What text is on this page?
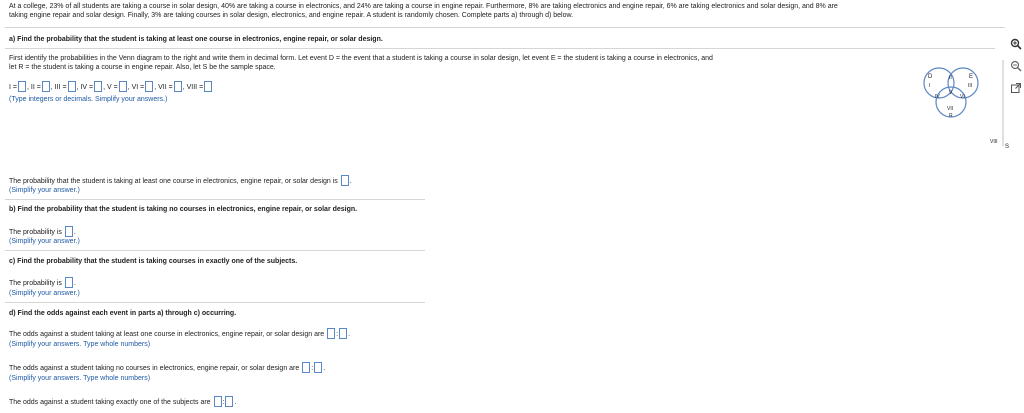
At a college, 23% of all students are taking a course in solar design, 40% are taking a course in electronics, and 24% are taking a course in engine repair. Furthermore, 8% are taking electronics and engine repair, 6% are taking electronics and solar design, and 8% are
taking engine repair and solar design. Finally, 3% are taking courses in solar design, electronics, and engine repair. A student is randomly chosen. Complete parts a) through d) below.
a) Find the probability that the student is taking at least one course in electronics, engine repair, or solar design.
First identify the probabilities in the Venn diagram to the right and write them in decimal form. Let event D = the event that a student is taking a course in solar design, let event E = the student is taking a course in electronics, and
let R = the student is taking a course in engine repair. Also, let S be the sample space.
I = , II = , III = , IV = , V = , VI = , VII = , VIII =
(Type integers or decimals. Simplify your answers.)
D	E
I
II
III
IV
V
VI
VII
R
VIII
S
The probability that the student is taking at least one course in electronics, engine repair, or solar design is .
(Simplify your answer.)
b) Find the probability that the student is taking no courses in electronics, engine repair, or solar design.
The probability is .
(Simplify your answer.)
c) Find the probability that the student is taking courses in exactly one of the subjects.
The probability is .
(Simplify your answer.)
d) Find the odds against each event in parts a) through c) occurring.
The odds against a student taking at least one course in electronics, engine repair, or solar design are : .
(Simplify your answers. Type whole numbers)
The odds against a student taking no courses in electronics, engine repair, or solar design are : .
(Simplify your answers. Type whole numbers)
The odds against a student taking exactly one of the subjects are : .
